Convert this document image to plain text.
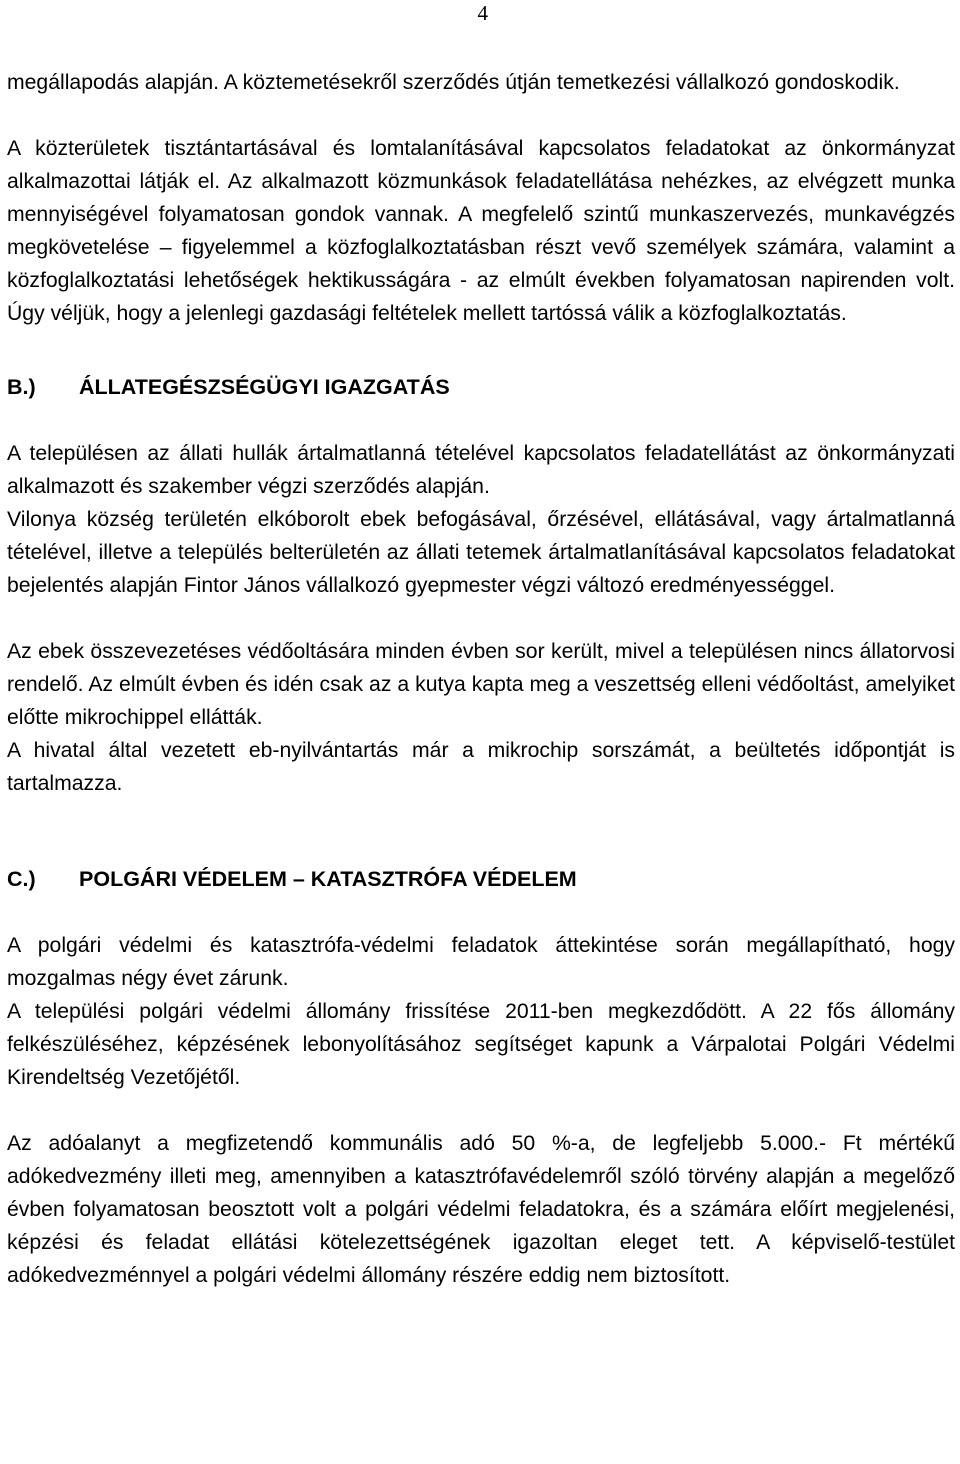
4

megállapodás alapján. A köztemetésekről szerződés útján temetkezési vállalkozó gondoskodik.

A közterületek tisztántartásával és lomtalanításával kapcsolatos feladatokat az önkormányzat alkalmazottai látják el. Az alkalmazott közmunkások feladatellátása nehézkes, az elvégzett munka mennyiségével folyamatosan gondok vannak. A megfelelő szintű munkaszervezés, munkavégzés megkövetelése – figyelemmel a közfoglalkoztatásban részt vevő személyek számára, valamint a közfoglalkoztatási lehetőségek hektikusságára - az elmúlt években folyamatosan napirenden volt. Úgy véljük, hogy a jelenlegi gazdasági feltételek mellett tartóssá válik a közfoglalkoztatás.

B.)	ÁLLATEGÉSZSÉGÜGYI IGAZGATÁS

A településen az állati hullák ártalmatlanná tételével kapcsolatos feladatellátást az önkormányzati alkalmazott és szakember végzi szerződés alapján.

Vilonya község területén elkóborolt ebek befogásával, őrzésével, ellátásával, vagy ártalmatlanná tételével, illetve a település belterületén az állati tetemek ártalmatlanításával kapcsolatos feladatokat bejelentés alapján Fintor János vállalkozó gyepmester végzi változó eredményességgel.

Az ebek összevezetéses védőoltására minden évben sor került, mivel a településen nincs állatorvosi rendelő. Az elmúlt évben és idén csak az a kutya kapta meg a veszettség elleni védőoltást, amelyiket előtte mikrochippel ellátták.

A hivatal által vezetett eb-nyilvántartás már a mikrochip sorszámát, a beültetés időpontját is tartalmazza.

C.)	POLGÁRI VÉDELEM – KATASZTRÓFA VÉDELEM

A polgári védelmi és katasztrófa-védelmi feladatok áttekintése során megállapítható, hogy mozgalmas négy évet zárunk.

A települési polgári védelmi állomány frissítése 2011-ben megkezdődött. A 22 fős állomány felkészüléséhez, képzésének lebonyolításához segítséget kapunk a Várpalotai Polgári Védelmi Kirendeltség Vezetőjétől.

Az adóalanyt a megfizetendő kommunális adó 50 %-a, de legfeljebb 5.000.- Ft mértékű adókedvezmény illeti meg, amennyiben a katasztrófavédelemről szóló törvény alapján a megelőző évben folyamatosan beosztott volt a polgári védelmi feladatokra, és a számára előírt megjelenési, képzési és feladat ellátási kötelezettségének igazoltan eleget tett. A képviselő-testület adókedvezménnyel a polgári védelmi állomány részére eddig nem biztosított.
